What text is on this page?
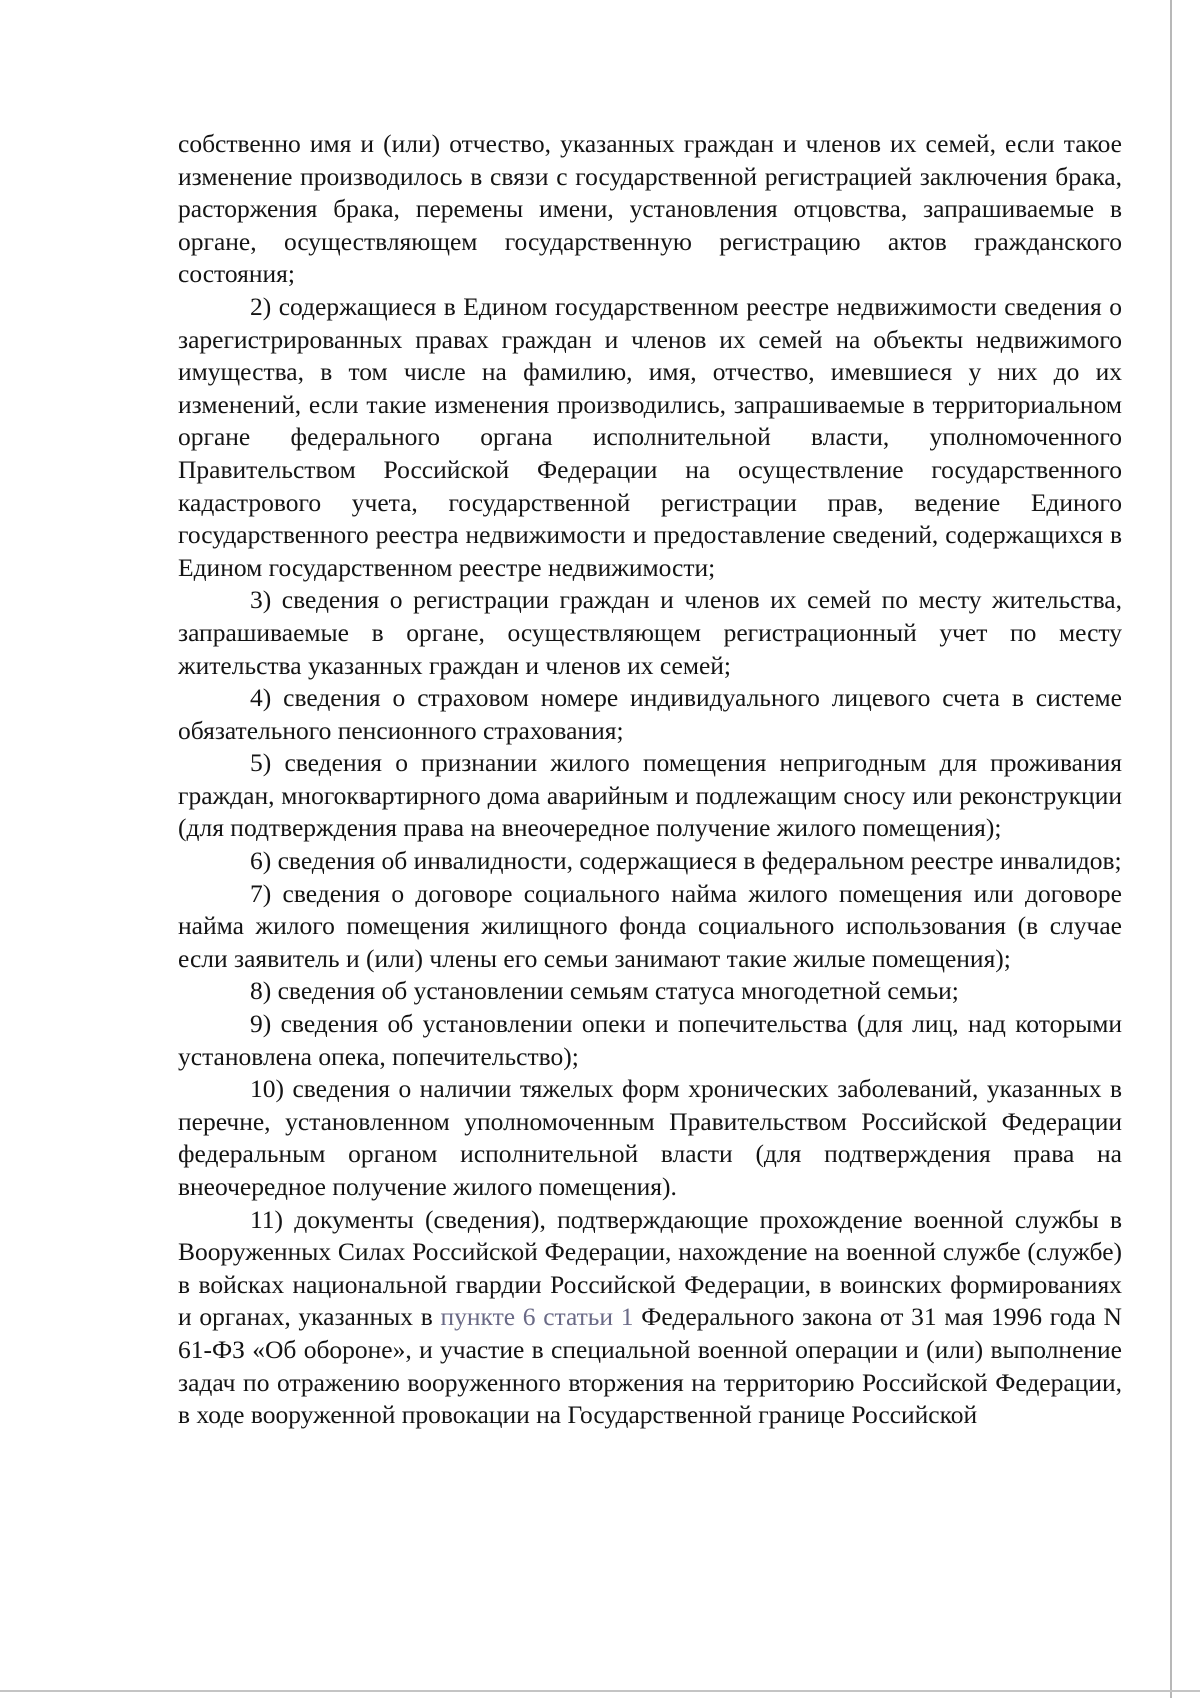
собственно имя и (или) отчество, указанных граждан и членов их семей, если такое изменение производилось в связи с государственной регистрацией заключения брака, расторжения брака, перемены имени, установления отцовства, запрашиваемые в органе, осуществляющем государственную регистрацию актов гражданского состояния;

2) содержащиеся в Едином государственном реестре недвижимости сведения о зарегистрированных правах граждан и членов их семей на объекты недвижимого имущества, в том числе на фамилию, имя, отчество, имевшиеся у них до их изменений, если такие изменения производились, запрашиваемые в территориальном органе федерального органа исполнительной власти, уполномоченного Правительством Российской Федерации на осуществление государственного кадастрового учета, государственной регистрации прав, ведение Единого государственного реестра недвижимости и предоставление сведений, содержащихся в Едином государственном реестре недвижимости;

3) сведения о регистрации граждан и членов их семей по месту жительства, запрашиваемые в органе, осуществляющем регистрационный учет по месту жительства указанных граждан и членов их семей;

4) сведения о страховом номере индивидуального лицевого счета в системе обязательного пенсионного страхования;

5) сведения о признании жилого помещения непригодным для проживания граждан, многоквартирного дома аварийным и подлежащим сносу или реконструкции (для подтверждения права на внеочередное получение жилого помещения);

6) сведения об инвалидности, содержащиеся в федеральном реестре инвалидов;

7) сведения о договоре социального найма жилого помещения или договоре найма жилого помещения жилищного фонда социального использования (в случае если заявитель и (или) члены его семьи занимают такие жилые помещения);

8) сведения об установлении семьям статуса многодетной семьи;

9) сведения об установлении опеки и попечительства (для лиц, над которыми установлена опека, попечительство);

10) сведения о наличии тяжелых форм хронических заболеваний, указанных в перечне, установленном уполномоченным Правительством Российской Федерации федеральным органом исполнительной власти (для подтверждения права на внеочередное получение жилого помещения).

11) документы (сведения), подтверждающие прохождение военной службы в Вооруженных Силах Российской Федерации, нахождение на военной службе (службе) в войсках национальной гвардии Российской Федерации, в воинских формированиях и органах, указанных в пункте 6 статьи 1 Федерального закона от 31 мая 1996 года N 61-ФЗ «Об обороне», и участие в специальной военной операции и (или) выполнение задач по отражению вооруженного вторжения на территорию Российской Федерации, в ходе вооруженной провокации на Государственной границе Российской
